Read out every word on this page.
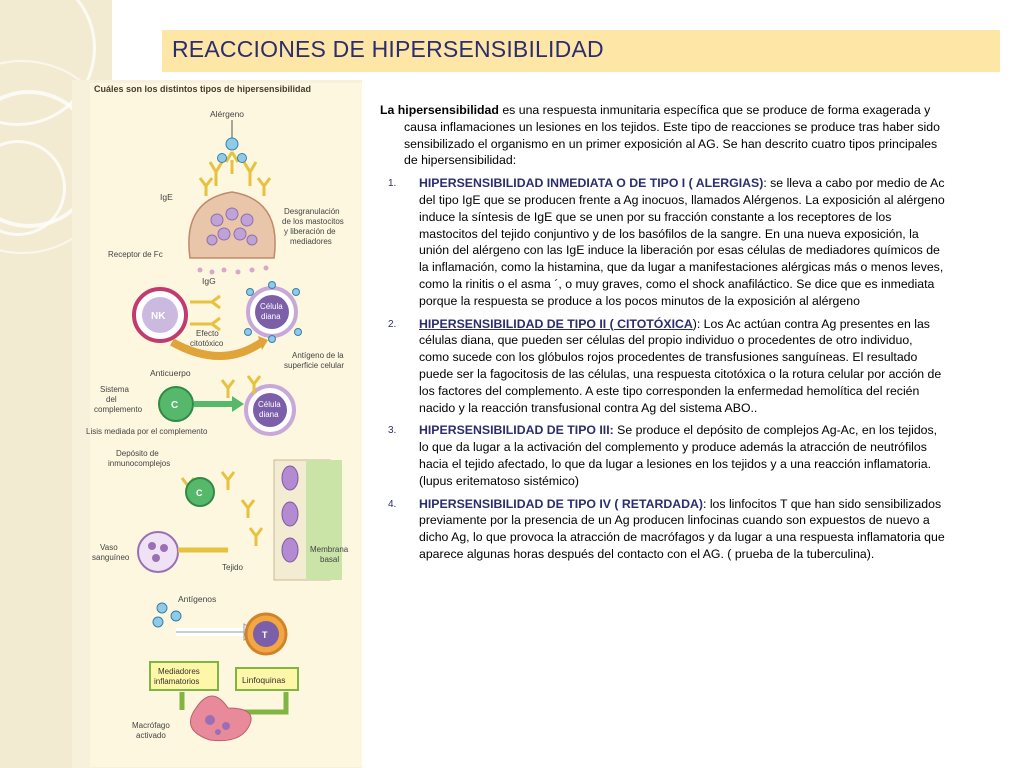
REACCIONES DE HIPERSENSIBILIDAD
Cuáles son los distintos tipos de hipersensibilidad
Alérgeno
IgE
Receptor de Fc
Desgranulación de los mastocitos y liberación de mediadores
IgG
NK
Célula diana
Efecto citotóxico
Antígeno de la superficie celular
Anticuerpo
Sistema del complemento	C	Célula diana
Lisis mediada por el complemento
Depósito de inmunocomplejos
C
Vaso sanguíneo
Tejido
Membrana basal
Antígenos
T
Mediadores inflamatorios	Linfoquinas
Macrófago activado

La hipersensibilidad es una respuesta inmunitaria específica que se produce de forma exagerada y causa inflamaciones un lesiones en los tejidos. Este tipo de reacciones se produce tras haber sido sensibilizado el organismo en un primer exposición al AG. Se han descrito cuatro tipos principales de hipersensibilidad:

1. HIPERSENSIBILIDAD INMEDIATA O DE TIPO I ( ALERGIAS): se lleva a cabo por medio de Ac del tipo IgE que se producen frente a Ag inocuos, llamados Alérgenos. La exposición al alérgeno induce la síntesis de IgE que se unen por su fracción constante a los receptores de los mastocitos del tejido conjuntivo y de los basófilos de la sangre. En una nueva exposición, la unión del alérgeno con las IgE induce la liberación por esas células de mediadores químicos de la inflamación, como la histamina, que da lugar a manifestaciones alérgicas más o menos leves, como la rinitis o el asma ´, o muy graves, como el shock anafiláctico. Se dice que es inmediata porque la respuesta se produce a los pocos minutos de la exposición al alérgeno
2. HIPERSENSIBILIDAD DE TIPO II ( CITOTÓXICA): Los Ac actúan contra Ag presentes en las células diana, que pueden ser células del propio individuo o procedentes de otro individuo, como sucede con los glóbulos rojos procedentes de transfusiones sanguíneas. El resultado puede ser la fagocitosis de las células, una respuesta citotóxica o la rotura celular por acción de los factores del complemento. A este tipo corresponden la enfermedad hemolítica del recién nacido y la reacción transfusional contra Ag del sistema ABO..
3. HIPERSENSIBILIDAD DE TIPO III: Se produce el depósito de complejos Ag-Ac, en los tejidos, lo que da lugar a la activación del complemento y produce además la atracción de neutrófilos hacia el tejido afectado, lo que da lugar a lesiones en los tejidos y a una reacción inflamatoria.(lupus eritematoso sistémico)
4. HIPERSENSIBILIDAD DE TIPO IV ( RETARDADA): los linfocitos T que han sido sensibilizados previamente por la presencia de un Ag producen linfocinas cuando son expuestos de nuevo a dicho Ag, lo que provoca la atracción de macrófagos y da lugar a una respuesta inflamatoria que aparece algunas horas después del contacto con el AG. ( prueba de la tuberculina).
